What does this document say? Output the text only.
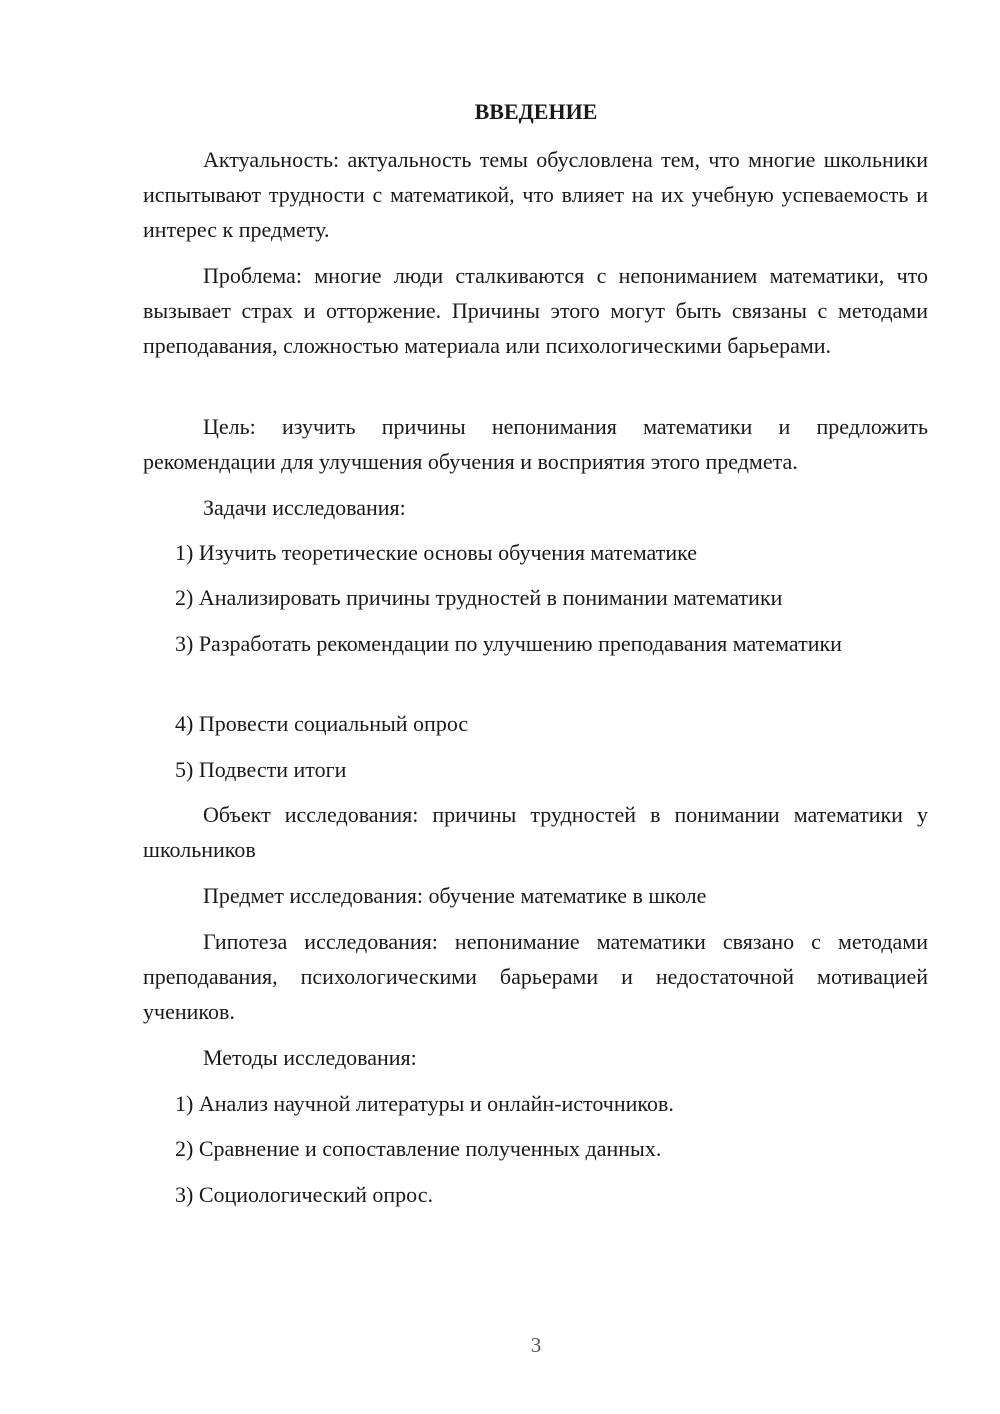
ВВЕДЕНИЕ

Актуальность: актуальность темы обусловлена тем, что многие школьники испытывают трудности с математикой, что влияет на их учебную успеваемость и интерес к предмету.

Проблема: многие люди сталкиваются с непониманием математики, что вызывает страх и отторжение. Причины этого могут быть связаны с методами преподавания, сложностью материала или психологическими барьерами.

Цель: изучить причины непонимания математики и предложить рекомендации для улучшения обучения и восприятия этого предмета.

Задачи исследования:

1) Изучить теоретические основы обучения математике

2) Анализировать причины трудностей в понимании математики

3) Разработать рекомендации по улучшению преподавания математики

4) Провести социальный опрос

5) Подвести итоги

Объект исследования: причины трудностей в понимании математики у школьников

Предмет исследования: обучение математике в школе

Гипотеза исследования: непонимание математики связано с методами преподавания, психологическими барьерами и недостаточной мотивацией учеников.

Методы исследования:

1) Анализ научной литературы и онлайн-источников.

2) Сравнение и сопоставление полученных данных.

3) Социологический опрос.

3
